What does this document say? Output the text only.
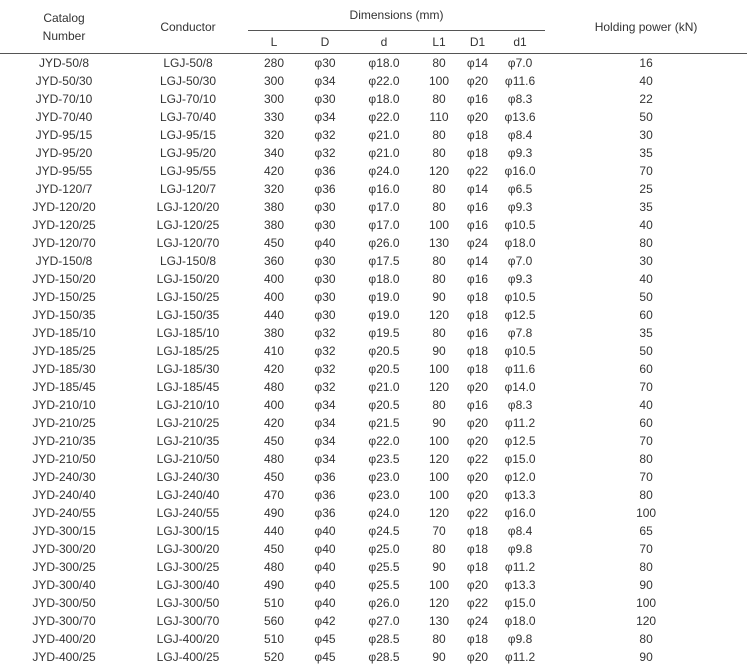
Catalog Number	Conductor	Dimensions (mm)						Holding power (kN)
		L	D	d	L1	D1	d1	
JYD-50/8	LGJ-50/8	280	φ30	φ18.0	80	φ14	φ7.0	16
JYD-50/30	LGJ-50/30	300	φ34	φ22.0	100	φ20	φ11.6	40
JYD-70/10	LGJ-70/10	300	φ30	φ18.0	80	φ16	φ8.3	22
JYD-70/40	LGJ-70/40	330	φ34	φ22.0	110	φ20	φ13.6	50
JYD-95/15	LGJ-95/15	320	φ32	φ21.0	80	φ18	φ8.4	30
JYD-95/20	LGJ-95/20	340	φ32	φ21.0	80	φ18	φ9.3	35
JYD-95/55	LGJ-95/55	420	φ36	φ24.0	120	φ22	φ16.0	70
JYD-120/7	LGJ-120/7	320	φ36	φ16.0	80	φ14	φ6.5	25
JYD-120/20	LGJ-120/20	380	φ30	φ17.0	80	φ16	φ9.3	35
JYD-120/25	LGJ-120/25	380	φ30	φ17.0	100	φ16	φ10.5	40
JYD-120/70	LGJ-120/70	450	φ40	φ26.0	130	φ24	φ18.0	80
JYD-150/8	LGJ-150/8	360	φ30	φ17.5	80	φ14	φ7.0	30
JYD-150/20	LGJ-150/20	400	φ30	φ18.0	80	φ16	φ9.3	40
JYD-150/25	LGJ-150/25	400	φ30	φ19.0	90	φ18	φ10.5	50
JYD-150/35	LGJ-150/35	440	φ30	φ19.0	120	φ18	φ12.5	60
JYD-185/10	LGJ-185/10	380	φ32	φ19.5	80	φ16	φ7.8	35
JYD-185/25	LGJ-185/25	410	φ32	φ20.5	90	φ18	φ10.5	50
JYD-185/30	LGJ-185/30	420	φ32	φ20.5	100	φ18	φ11.6	60
JYD-185/45	LGJ-185/45	480	φ32	φ21.0	120	φ20	φ14.0	70
JYD-210/10	LGJ-210/10	400	φ34	φ20.5	80	φ16	φ8.3	40
JYD-210/25	LGJ-210/25	420	φ34	φ21.5	90	φ20	φ11.2	60
JYD-210/35	LGJ-210/35	450	φ34	φ22.0	100	φ20	φ12.5	70
JYD-210/50	LGJ-210/50	480	φ34	φ23.5	120	φ22	φ15.0	80
JYD-240/30	LGJ-240/30	450	φ36	φ23.0	100	φ20	φ12.0	70
JYD-240/40	LGJ-240/40	470	φ36	φ23.0	100	φ20	φ13.3	80
JYD-240/55	LGJ-240/55	490	φ36	φ24.0	120	φ22	φ16.0	100
JYD-300/15	LGJ-300/15	440	φ40	φ24.5	70	φ18	φ8.4	65
JYD-300/20	LGJ-300/20	450	φ40	φ25.0	80	φ18	φ9.8	70
JYD-300/25	LGJ-300/25	480	φ40	φ25.5	90	φ18	φ11.2	80
JYD-300/40	LGJ-300/40	490	φ40	φ25.5	100	φ20	φ13.3	90
JYD-300/50	LGJ-300/50	510	φ40	φ26.0	120	φ22	φ15.0	100
JYD-300/70	LGJ-300/70	560	φ42	φ27.0	130	φ24	φ18.0	120
JYD-400/20	LGJ-400/20	510	φ45	φ28.5	80	φ18	φ9.8	80
JYD-400/25	LGJ-400/25	520	φ45	φ28.5	90	φ20	φ11.2	90
